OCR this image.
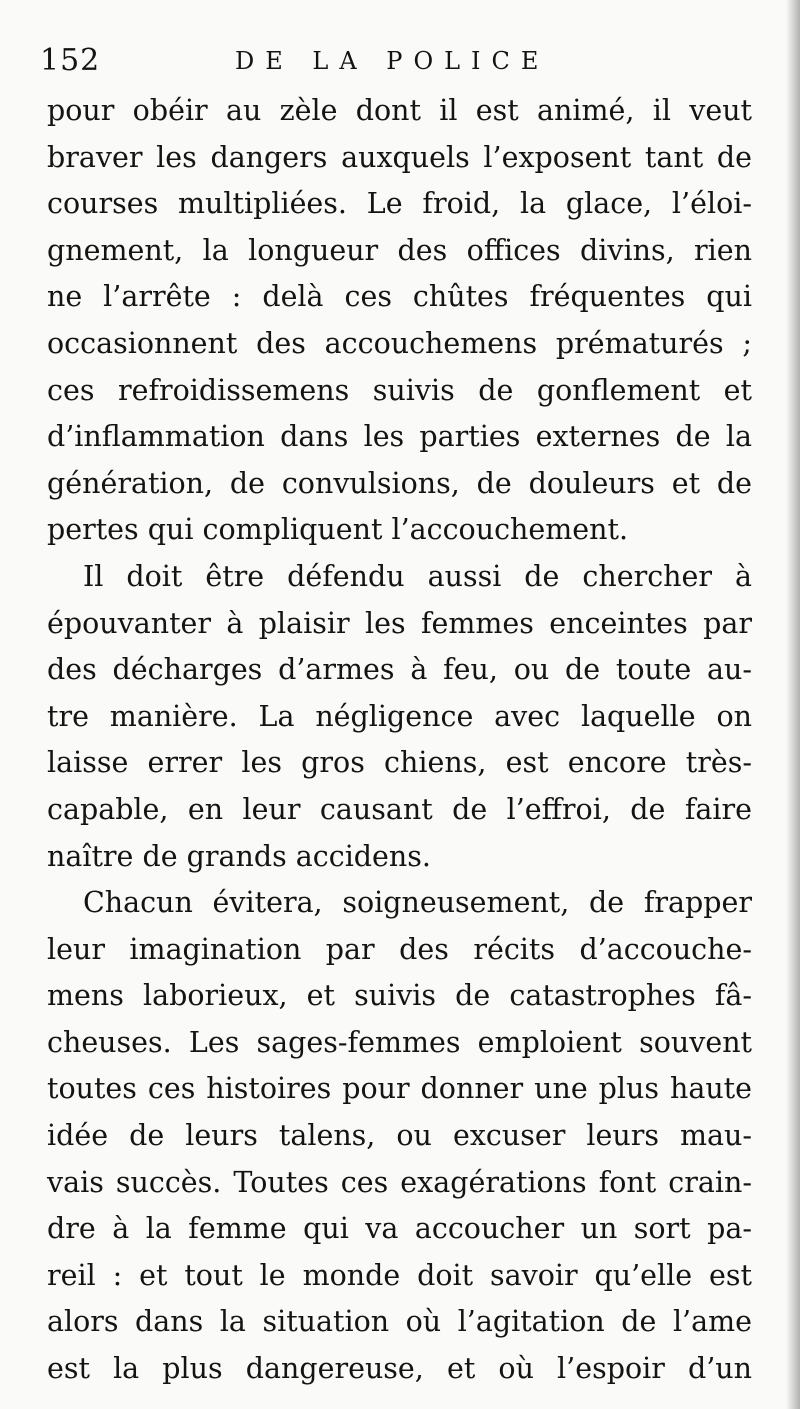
152	DE LA POLICE
pour obéir au zèle dont il est animé, il veut
braver les dangers auxquels l’exposent tant de
courses multipliées. Le froid, la glace, l’éloi-
gnement, la longueur des offices divins, rien
ne l’arrête : delà ces chûtes fréquentes qui
occasionnent des accouchemens prématurés ;
ces refroidissemens suivis de gonflement et
d’inflammation dans les parties externes de la
génération, de convulsions, de douleurs et de
pertes qui compliquent l’accouchement.
Il doit être défendu aussi de chercher à
épouvanter à plaisir les femmes enceintes par
des décharges d’armes à feu, ou de toute au-
tre manière. La négligence avec laquelle on
laisse errer les gros chiens, est encore très-
capable, en leur causant de l’effroi, de faire
naître de grands accidens.
Chacun évitera, soigneusement, de frapper
leur imagination par des récits d’accouche-
mens laborieux, et suivis de catastrophes fâ-
cheuses. Les sages-femmes emploient souvent
toutes ces histoires pour donner une plus haute
idée de leurs talens, ou excuser leurs mau-
vais succès. Toutes ces exagérations font crain-
dre à la femme qui va accoucher un sort pa-
reil : et tout le monde doit savoir qu’elle est
alors dans la situation où l’agitation de l’ame
est la plus dangereuse, et où l’espoir d’un
